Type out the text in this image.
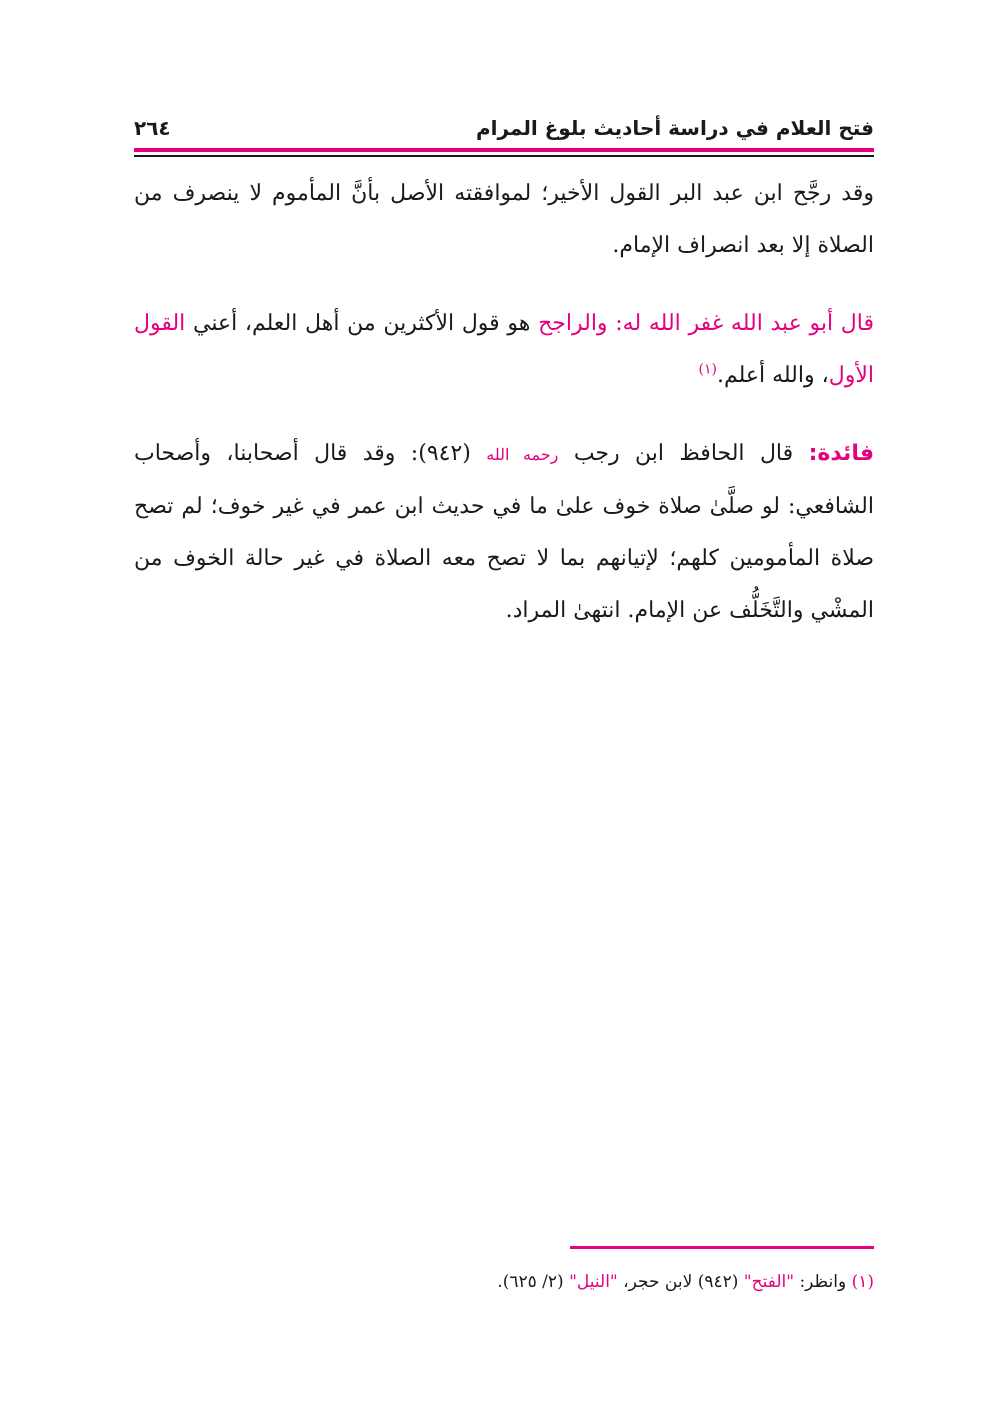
فتح العلام في دراسة أحاديث بلوغ المرام
٢٦٤

وقد رجَّح ابن عبد البر القول الأخير؛ لموافقته الأصل بأنَّ المأموم لا ينصرف من الصلاة إلا بعد انصراف الإمام.

قال أبو عبد الله غفر الله له: والراجح هو قول الأكثرين من أهل العلم، أعني القول الأول، والله أعلم.$^{(١)}$

فائدة: قال الحافظ ابن رجب رحمه الله (٩٤٢): وقد قال أصحابنا، وأصحاب الشافعي: لو صلَّىٰ صلاة خوف علىٰ ما في حديث ابن عمر في غير خوف؛ لم تصح صلاة المأمومين كلهم؛ لإتيانهم بما لا تصح معه الصلاة في غير حالة الخوف من المشْي والتَّخَلُّف عن الإمام. انتهىٰ المراد.

(١) وانظر: "الفتح" (٩٤٢) لابن حجر، "النيل" (٢/ ٦٢٥).
